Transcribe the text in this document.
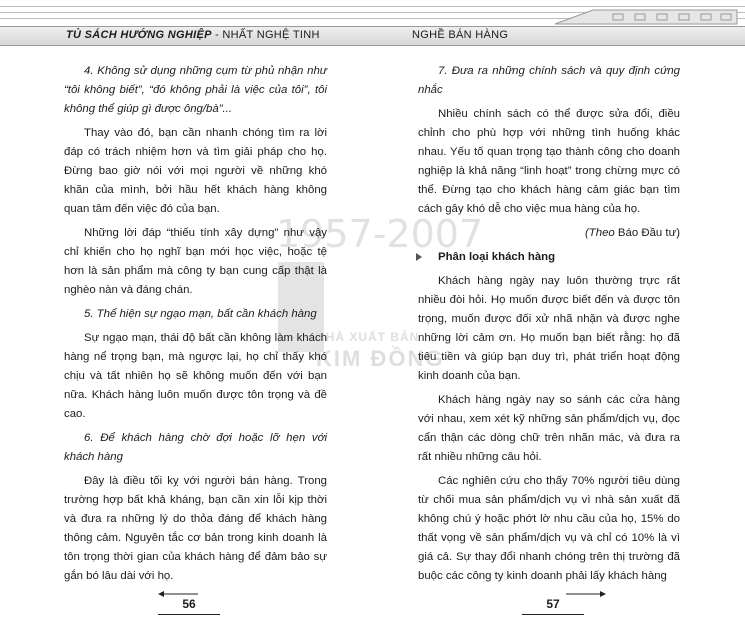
TỦ SÁCH HƯỚNG NGHIỆP - NHẤT NGHỆ TINH	NGHỀ BÁN HÀNG
1957-2007
NHÀ XUẤT BẢN
KIM ĐỒNG

4. Không sử dụng những cụm từ phủ nhận như “tôi không biết”, “đó không phải là việc của tôi”, tôi không thể giúp gì được ông/bà”...

Thay vào đó, bạn cần nhanh chóng tìm ra lời đáp có trách nhiệm hơn và tìm giải pháp cho họ. Đừng bao giờ nói với mọi người về những khó khăn của mình, bởi hầu hết khách hàng không quan tâm đến việc đó của bạn.

Những lời đáp “thiếu tính xây dựng” như vậy chỉ khiến cho họ nghĩ bạn mới học việc, hoặc tệ hơn là sản phẩm mà công ty bạn cung cấp thật là nghèo nàn và đáng chán.

5. Thể hiện sự ngạo mạn, bất cần khách hàng

Sự ngạo mạn, thái độ bất cần không làm khách hàng nể trọng bạn, mà ngược lại, họ chỉ thấy khó chịu và tất nhiên họ sẽ không muốn đến với bạn nữa. Khách hàng luôn muốn được tôn trọng và đề cao.

6. Để khách hàng chờ đợi hoặc lỡ hẹn với khách hàng

Đây là điều tối kỵ với người bán hàng. Trong trường hợp bất khả kháng, bạn cần xin lỗi kịp thời và đưa ra những lý do thỏa đáng để khách hàng thông cảm. Nguyên tắc cơ bản trong kinh doanh là tôn trọng thời gian của khách hàng để đảm bảo sự gắn bó lâu dài với họ.

7. Đưa ra những chính sách và quy định cứng nhắc

Nhiều chính sách có thể được sửa đổi, điều chỉnh cho phù hợp với những tình huống khác nhau. Yếu tố quan trọng tạo thành công cho doanh nghiệp là khả năng “linh hoạt” trong chừng mực có thể. Đừng tạo cho khách hàng cảm giác bạn tìm cách gây khó dễ cho việc mua hàng của họ.

(Theo Báo Đầu tư)

Phân loại khách hàng

Khách hàng ngày nay luôn thường trực rất nhiều đòi hỏi. Họ muốn được biết đến và được tôn trọng, muốn được đối xử nhã nhặn và được nghe những lời cảm ơn. Họ muốn bạn biết rằng: họ đã tiêu tiền và giúp bạn duy trì, phát triển hoạt động kinh doanh của bạn.

Khách hàng ngày nay so sánh các cửa hàng với nhau, xem xét kỹ những sản phẩm/dịch vụ, đọc cẩn thận các dòng chữ trên nhãn mác, và đưa ra rất nhiều những câu hỏi.

Các nghiên cứu cho thấy 70% người tiêu dùng từ chối mua sản phẩm/dịch vụ vì nhà sản xuất đã không chú ý hoặc phớt lờ nhu cầu của họ, 15% do thất vọng về sản phẩm/dịch vụ và chỉ có 10% là vì giá cả. Sự thay đổi nhanh chóng trên thị trường đã buộc các công ty kinh doanh phải lấy khách hàng

56	57
